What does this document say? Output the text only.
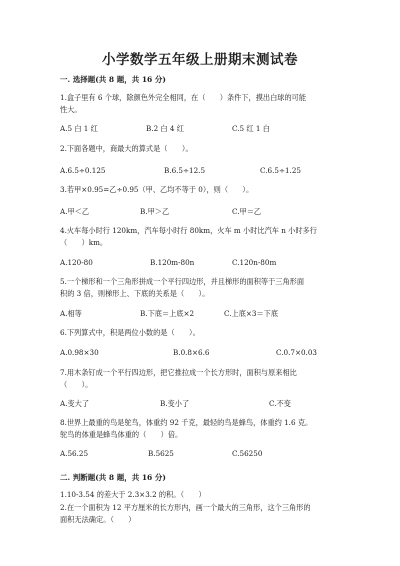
小学数学五年级上册期末测试卷
一. 选择题(共 8 题，共 16 分)
1.盒子里有 6 个球，除颜色外完全相同，在（　　）条件下，摸出白球的可能
性大。
A.5 白 1 红	B.2 白 4 红	C.5 红 1 白
2.下面各题中，商最大的算式是（　　）。
A.6.5÷0.125	B.6.5÷12.5	C.6.5÷1.25
3.若甲×0.95=乙÷0.95（甲、乙均不等于 0），则（　　）。
A.甲＜乙	B.甲＞乙	C.甲＝乙
4.火车每小时行 120km，汽车每小时行 80km，火车 m 小时比汽车 n 小时多行
（　　）km。
A.120-80	B.120m-80n	C.120n-80m
5.一个梯形和一个三角形拼成一个平行四边形，并且梯形的面积等于三角形面
积的 3 倍，则梯形上、下底的关系是（　　）。
A.相等	B.下底＝上底×2	C.上底×3＝下底
6.下列算式中，积是两位小数的是（　　）。
A.0.98×30	B.0.8×6.6	C.0.7×0.03
7.用木条钉成一个平行四边形，把它推拉成一个长方形时，面积与原来相比
（　　）。
A.变大了	B.变小了	C.不变
8.世界上最重的鸟是鸵鸟，体重约 92 千克，最轻的鸟是蜂鸟，体重约 1.6 克。
鸵鸟的体重是蜂鸟体重的（　　）倍。
A.56.25	B.5625	C.56250
二. 判断题(共 8 题，共 16 分)
1.10-3.54 的差大于 2.3×3.2 的积。（　　）
2.在一个面积为 12 平方厘米的长方形内，画一个最大的三角形，这个三角形的
面积无法确定。（　　）
